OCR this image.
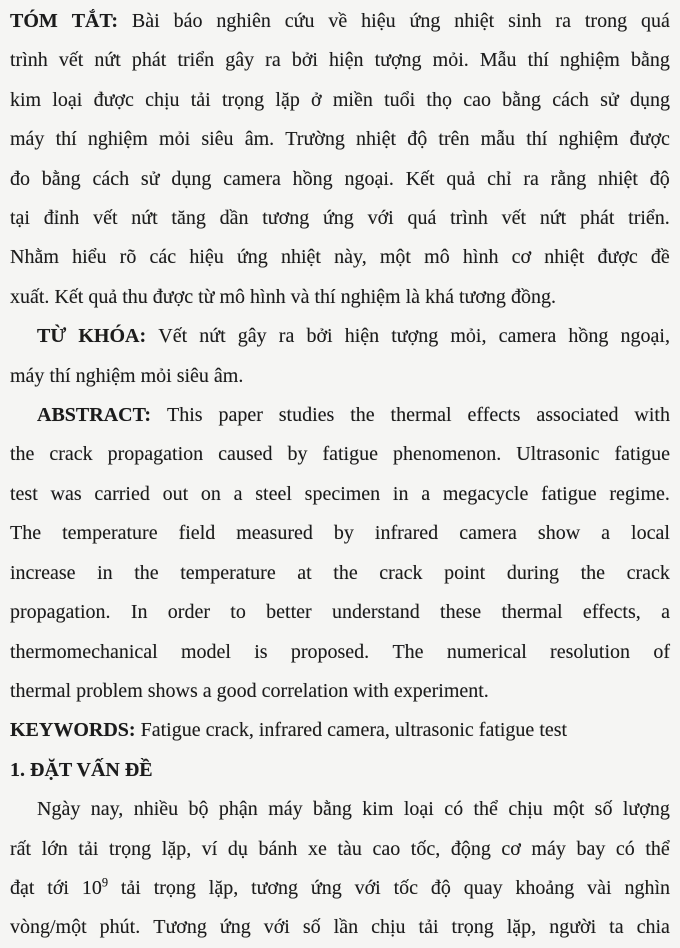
TÓM TẮT: Bài báo nghiên cứu về hiệu ứng nhiệt sinh ra trong quá
trình vết nứt phát triển gây ra bởi hiện tượng mỏi. Mẫu thí nghiệm bằng
kim loại được chịu tải trọng lặp ở miền tuổi thọ cao bằng cách sử dụng
máy thí nghiệm mỏi siêu âm. Trường nhiệt độ trên mẫu thí nghiệm được
đo bằng cách sử dụng camera hồng ngoại. Kết quả chỉ ra rằng nhiệt độ
tại đỉnh vết nứt tăng dần tương ứng với quá trình vết nứt phát triển.
Nhằm hiểu rõ các hiệu ứng nhiệt này, một mô hình cơ nhiệt được đề
xuất. Kết quả thu được từ mô hình và thí nghiệm là khá tương đồng.
TỪ KHÓA: Vết nứt gây ra bởi hiện tượng mỏi, camera hồng ngoại,
máy thí nghiệm mỏi siêu âm.
ABSTRACT: This paper studies the thermal effects associated with
the crack propagation caused by fatigue phenomenon. Ultrasonic fatigue
test was carried out on a steel specimen in a megacycle fatigue regime.
The temperature field measured by infrared camera show a local
increase in the temperature at the crack point during the crack
propagation. In order to better understand these thermal effects, a
thermomechanical model is proposed. The numerical resolution of
thermal problem shows a good correlation with experiment.
KEYWORDS: Fatigue crack, infrared camera, ultrasonic fatigue test
1. ĐẶT VẤN ĐỀ
Ngày nay, nhiều bộ phận máy bằng kim loại có thể chịu một số lượng
rất lớn tải trọng lặp, ví dụ bánh xe tàu cao tốc, động cơ máy bay có thể
đạt tới $10^9$ tải trọng lặp, tương ứng với tốc độ quay khoảng vài nghìn
vòng/một phút. Tương ứng với số lần chịu tải trọng lặp, người ta chia
